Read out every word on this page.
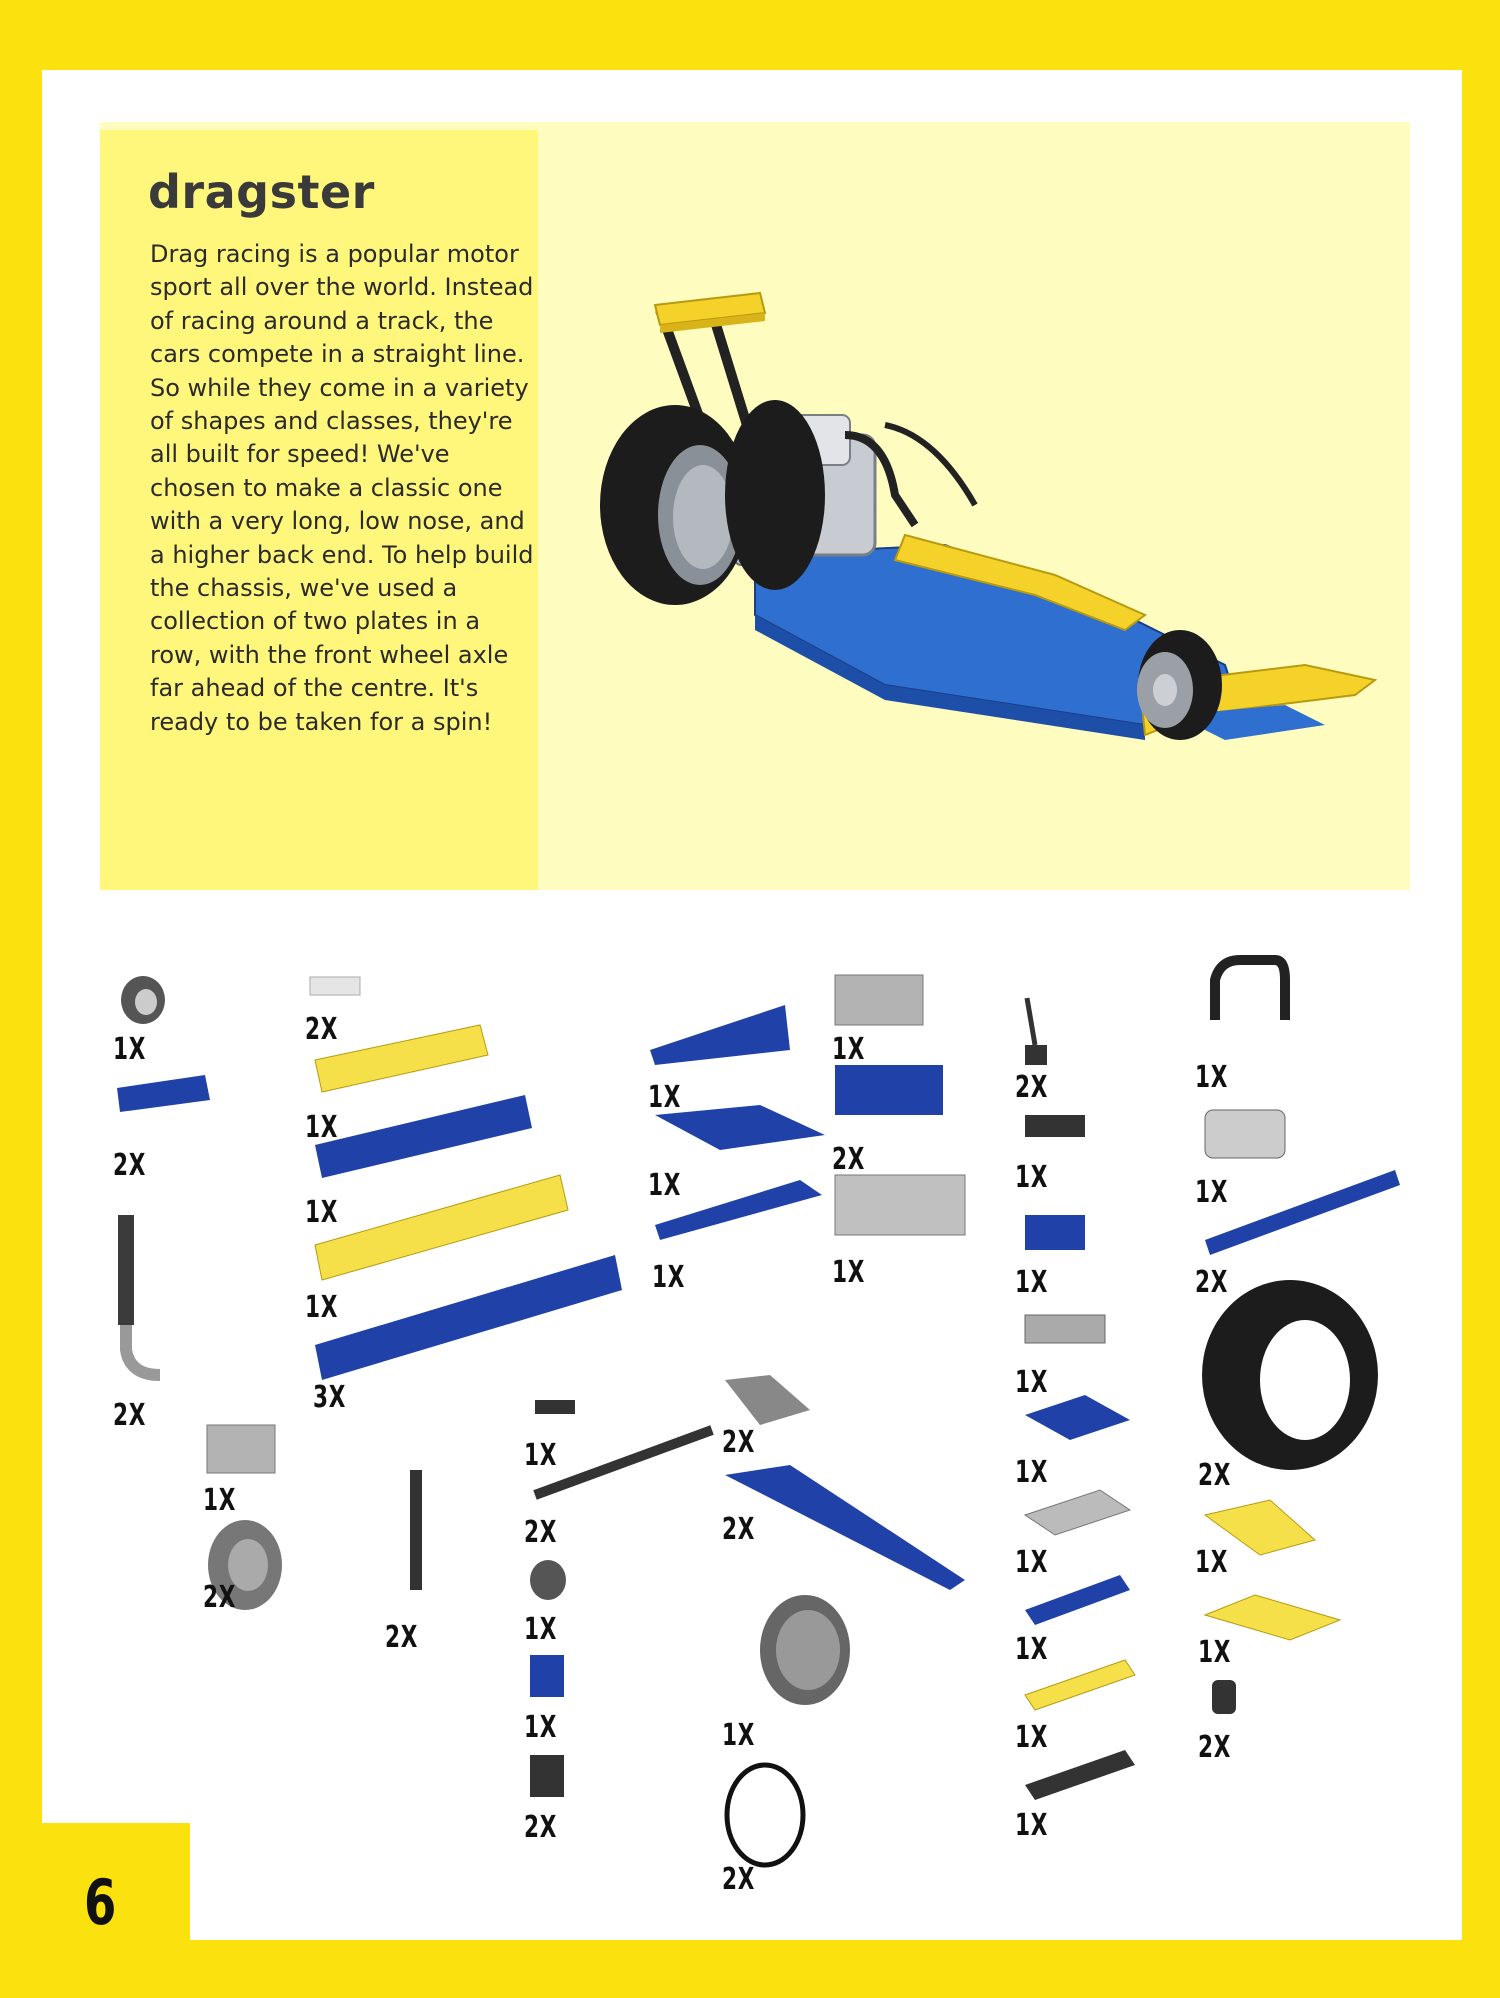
dragster
Drag racing is a popular motor sport all over the world. Instead of racing around a track, the cars compete in a straight line. So while they come in a variety of shapes and classes, they're all built for speed! We've chosen to make a classic one with a very long, low nose, and a higher back end. To help build the chassis, we've used a collection of two plates in a row, with the front wheel axle far ahead of the centre. It's ready to be taken for a spin!
1X
2X
2X
2X
1X
1X
1X
3X
1X
2X
2X
1X
1X
1X
1X
2X
1X
1X
2X
2X
2X
1X
2X
1X
1X
2X
2X
1X
1X
1X
1X
1X
1X
1X
1X
1X
1X
2X
2X
1X
1X
2X
6
